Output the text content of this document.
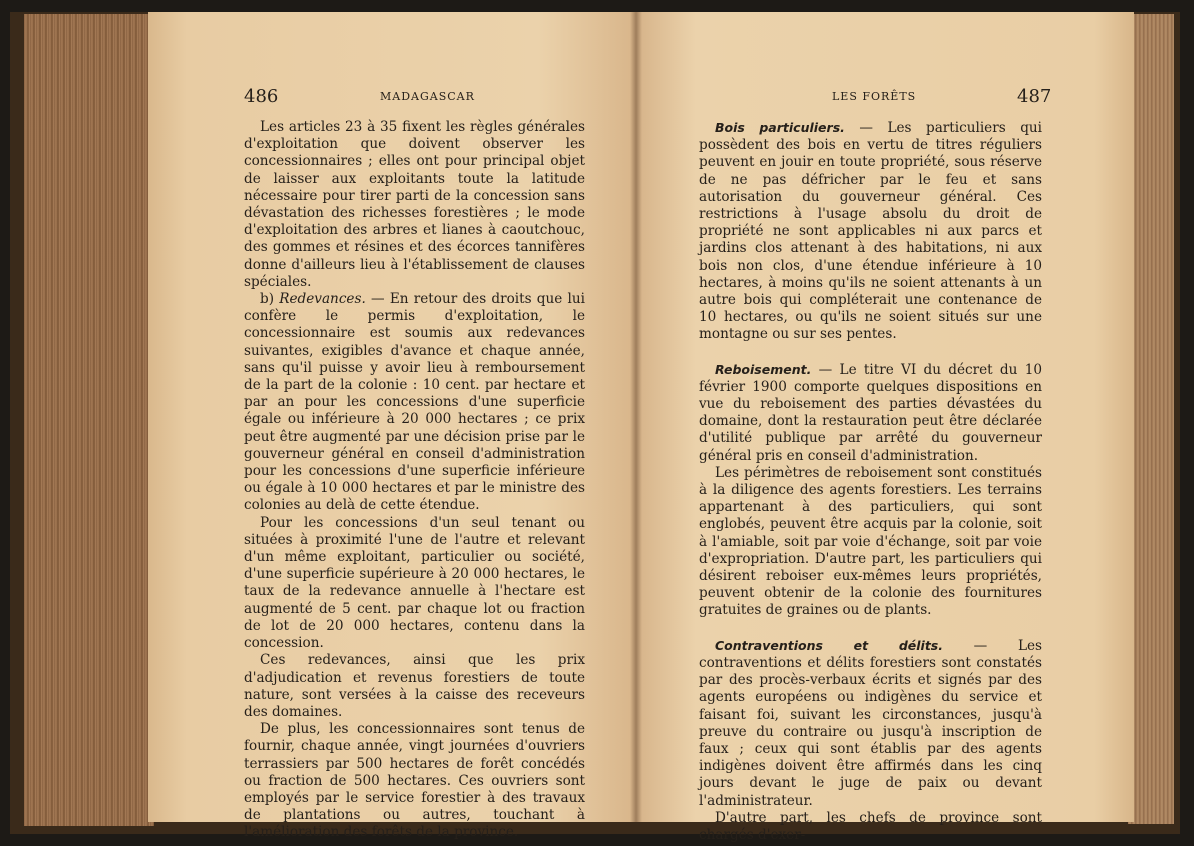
486	MADAGASCAR

Les articles 23 à 35 fixent les règles générales d'exploitation que doivent observer les concessionnaires ; elles ont pour principal objet de laisser aux exploitants toute la latitude nécessaire pour tirer parti de la concession sans dévastation des richesses forestières ; le mode d'exploitation des arbres et lianes à caoutchouc, des gommes et résines et des écorces tannifères donne d'ailleurs lieu à l'établissement de clauses spéciales.

b) Redevances. — En retour des droits que lui confère le permis d'exploitation, le concessionnaire est soumis aux redevances suivantes, exigibles d'avance et chaque année, sans qu'il puisse y avoir lieu à remboursement de la part de la colonie : 10 cent. par hectare et par an pour les concessions d'une superficie égale ou inférieure à 20 000 hectares ; ce prix peut être augmenté par une décision prise par le gouverneur général en conseil d'administration pour les concessions d'une superficie inférieure ou égale à 10 000 hectares et par le ministre des colonies au delà de cette étendue.

Pour les concessions d'un seul tenant ou situées à proximité l'une de l'autre et relevant d'un même exploitant, particulier ou société, d'une superficie supérieure à 20 000 hectares, le taux de la redevance annuelle à l'hectare est augmenté de 5 cent. par chaque lot ou fraction de lot de 20 000 hectares, contenu dans la concession.

Ces redevances, ainsi que les prix d'adjudication et revenus forestiers de toute nature, sont versées à la caisse des receveurs des domaines.

De plus, les concessionnaires sont tenus de fournir, chaque année, vingt journées d'ouvriers terrassiers par 500 hectares de forêt concédés ou fraction de 500 hectares. Ces ouvriers sont employés par le service forestier à des travaux de plantations ou autres, touchant à l'amélioration des forêts de la province.

LES FORÊTS	487

Bois particuliers. — Les particuliers qui possèdent des bois en vertu de titres réguliers peuvent en jouir en toute propriété, sous réserve de ne pas défricher par le feu et sans autorisation du gouverneur général. Ces restrictions à l'usage absolu du droit de propriété ne sont applicables ni aux parcs et jardins clos attenant à des habitations, ni aux bois non clos, d'une étendue inférieure à 10 hectares, à moins qu'ils ne soient attenants à un autre bois qui compléterait une contenance de 10 hectares, ou qu'ils ne soient situés sur une montagne ou sur ses pentes.

Reboisement. — Le titre VI du décret du 10 février 1900 comporte quelques dispositions en vue du reboisement des parties dévastées du domaine, dont la restauration peut être déclarée d'utilité publique par arrêté du gouverneur général pris en conseil d'administration.

Les périmètres de reboisement sont constitués à la diligence des agents forestiers. Les terrains appartenant à des particuliers, qui sont englobés, peuvent être acquis par la colonie, soit à l'amiable, soit par voie d'échange, soit par voie d'expropriation. D'autre part, les particuliers qui désirent reboiser eux-mêmes leurs propriétés, peuvent obtenir de la colonie des fournitures gratuites de graines ou de plants.

Contraventions et délits. — Les contraventions et délits forestiers sont constatés par des procès-verbaux écrits et signés par des agents européens ou indigènes du service et faisant foi, suivant les circonstances, jusqu'à preuve du contraire ou jusqu'à inscription de faux ; ceux qui sont établis par des agents indigènes doivent être affirmés dans les cinq jours devant le juge de paix ou devant l'administrateur.

D'autre part, les chefs de province sont chargés d'exer-
